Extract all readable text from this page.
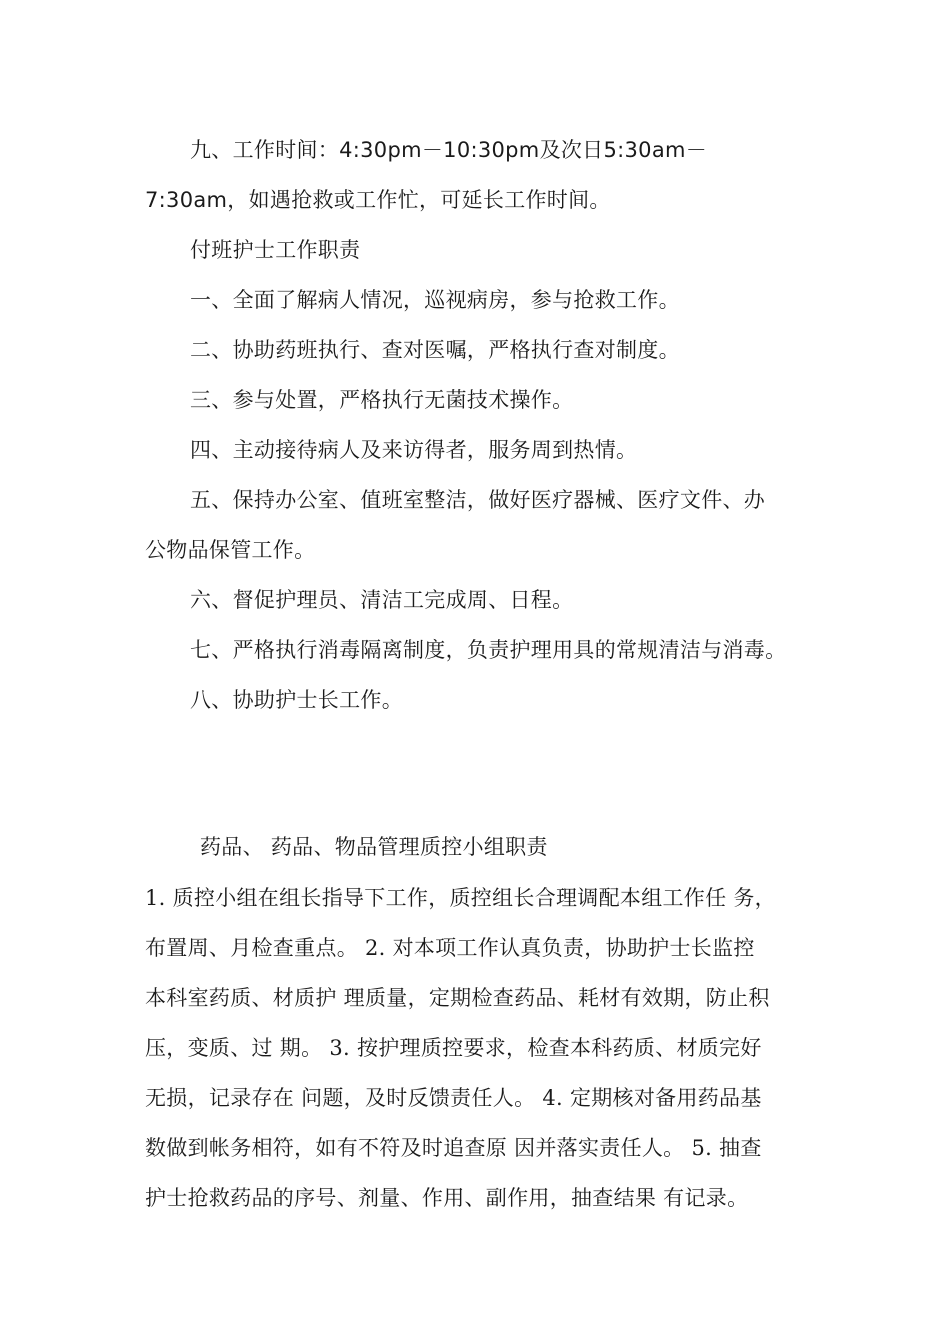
九、工作时间：4:30pm－10:30pm及次日5:30am－
7:30am，如遇抢救或工作忙，可延长工作时间。
付班护士工作职责
一、全面了解病人情况，巡视病房，参与抢救工作。
二、协助药班执行、查对医嘱，严格执行查对制度。
三、参与处置，严格执行无菌技术操作。
四、主动接待病人及来访得者，服务周到热情。
五、保持办公室、值班室整洁，做好医疗器械、医疗文件、办
公物品保管工作。
六、督促护理员、清洁工完成周、日程。
七、严格执行消毒隔离制度，负责护理用具的常规清洁与消毒。
八、协助护士长工作。
药品、 药品、物品管理质控小组职责
1. 质控小组在组长指导下工作，质控组长合理调配本组工作任 务，
布置周、月检查重点。 2. 对本项工作认真负责，协助护士长监控
本科室药质、材质护 理质量，定期检查药品、耗材有效期，防止积
压，变质、过 期。 3. 按护理质控要求，检查本科药质、材质完好
无损，记录存在 问题，及时反馈责任人。 4. 定期核对备用药品基
数做到帐务相符，如有不符及时追查原 因并落实责任人。 5. 抽查
护士抢救药品的序号、剂量、作用、副作用，抽查结果 有记录。
